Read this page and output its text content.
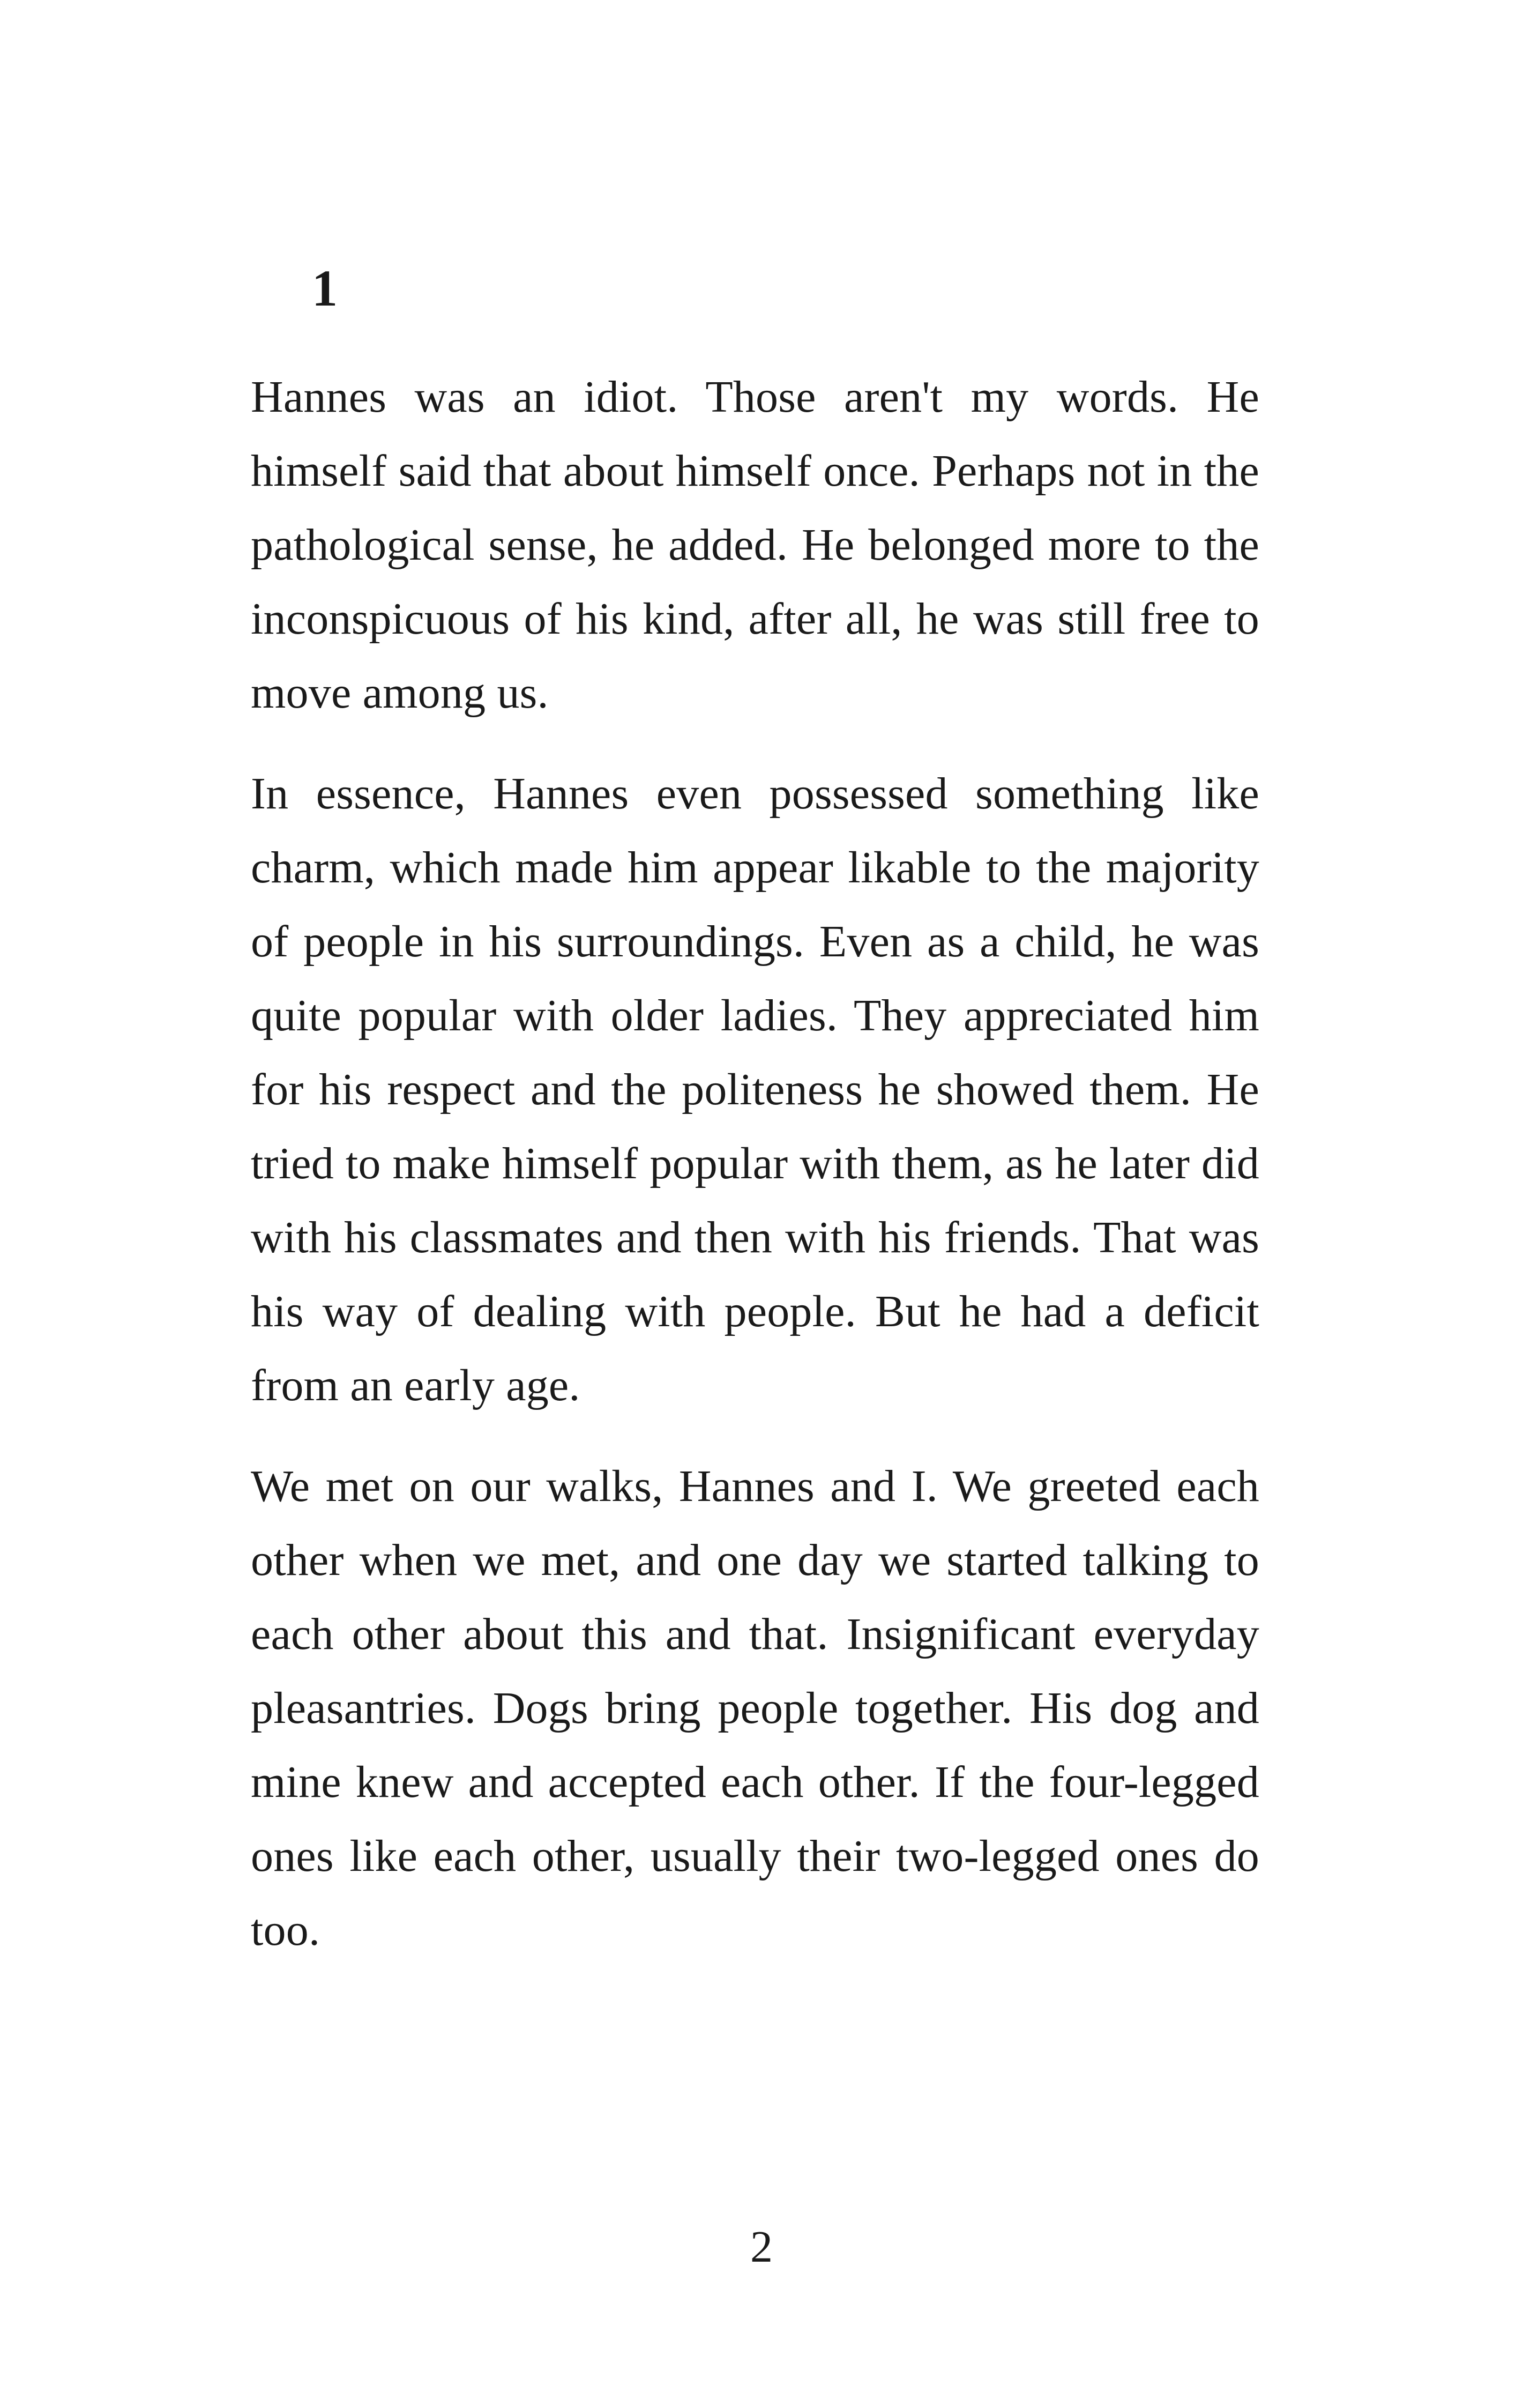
1

Hannes was an idiot. Those aren't my words. He himself said that about himself once. Perhaps not in the pathological sense, he added. He belonged more to the inconspicuous of his kind, after all, he was still free to move among us.

In essence, Hannes even possessed something like charm, which made him appear likable to the majority of people in his surroundings. Even as a child, he was quite popular with older ladies. They appreciated him for his respect and the politeness he showed them. He tried to make himself popular with them, as he later did with his classmates and then with his friends. That was his way of dealing with people. But he had a deficit from an early age.

We met on our walks, Hannes and I. We greeted each other when we met, and one day we started talking to each other about this and that. Insignificant everyday pleasantries. Dogs bring people together. His dog and mine knew and accepted each other. If the four-legged ones like each other, usually their two-legged ones do too.

2
